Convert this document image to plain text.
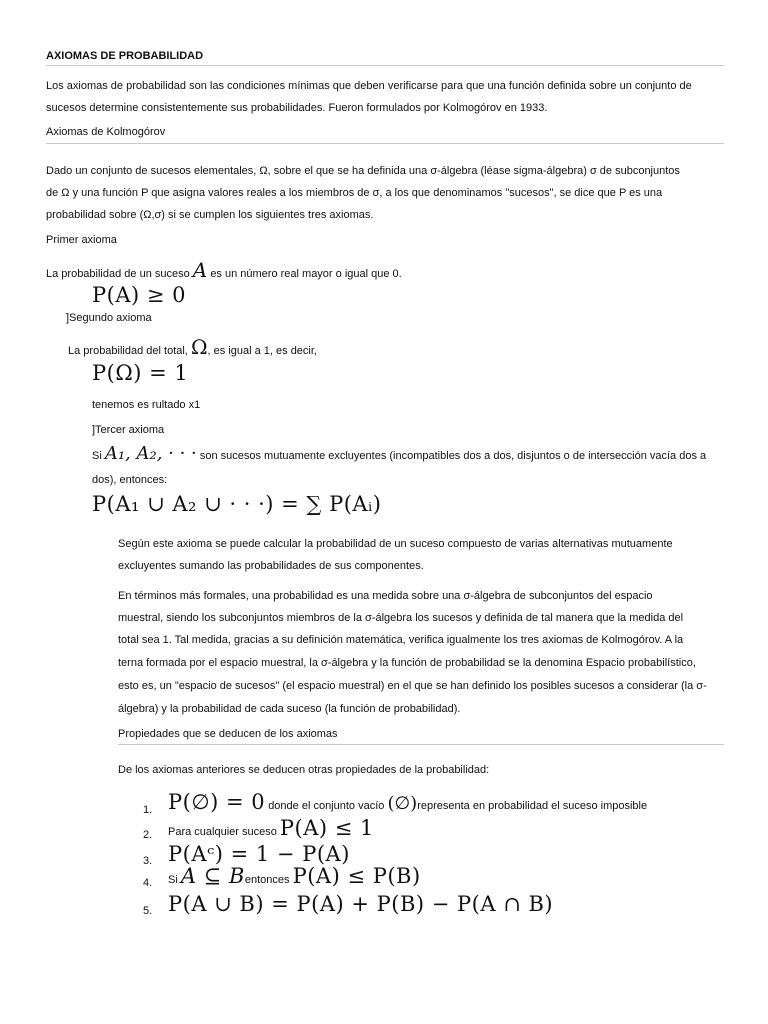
AXIOMAS DE PROBABILIDAD
Los axiomas de probabilidad son las condiciones mínimas que deben verificarse para que una función definida sobre un conjunto de
sucesos determine consistentemente sus probabilidades. Fueron formulados por Kolmogórov en 1933.
Axiomas de Kolmogórov
Dado un conjunto de sucesos elementales, Ω, sobre el que se ha definida una σ-álgebra (léase sigma-álgebra) σ de subconjuntos
de Ω y una función P que asigna valores reales a los miembros de σ, a los que denominamos "sucesos", se dice que P es una
probabilidad sobre (Ω,σ) si se cumplen los siguientes tres axiomas.
Primer axioma
La probabilidad de un suceso A es un número real mayor o igual que 0.
P(A) ≥ 0
]Segundo axioma
La probabilidad del total, Ω, es igual a 1, es decir,
P(Ω) = 1
tenemos es rultado x1
]Tercer axioma
Si A₁, A₂, · · · son sucesos mutuamente excluyentes (incompatibles dos a dos, disjuntos o de intersección vacía dos a
dos), entonces:
P(A₁ ∪ A₂ ∪ · · ·) = ∑ P(Aᵢ)
Según este axioma se puede calcular la probabilidad de un suceso compuesto de varias alternativas mutuamente
excluyentes sumando las probabilidades de sus componentes.
En términos más formales, una probabilidad es una medida sobre una σ-álgebra de subconjuntos del espacio
muestral, siendo los subconjuntos miembros de la σ-álgebra los sucesos y definida de tal manera que la medida del
total sea 1. Tal medida, gracias a su definición matemática, verifica igualmente los tres axiomas de Kolmogórov. A la
terna formada por el espacio muestral, la σ-álgebra y la función de probabilidad se la denomina Espacio probabilístico,
esto es, un "espacio de sucesos" (el espacio muestral) en el que se han definido los posibles sucesos a considerar (la σ-
álgebra) y la probabilidad de cada suceso (la función de probabilidad).
Propiedades que se deducen de los axiomas
De los axiomas anteriores se deducen otras propiedades de la probabilidad:
1. P(∅) = 0 donde el conjunto vacío (∅)representa en probabilidad el suceso imposible
2. Para cualquier suceso P(A) ≤ 1
3. P(Aᶜ) = 1 − P(A)
4. Si A ⊆ Bentonces P(A) ≤ P(B)
5. P(A ∪ B) = P(A) + P(B) − P(A ∩ B)
